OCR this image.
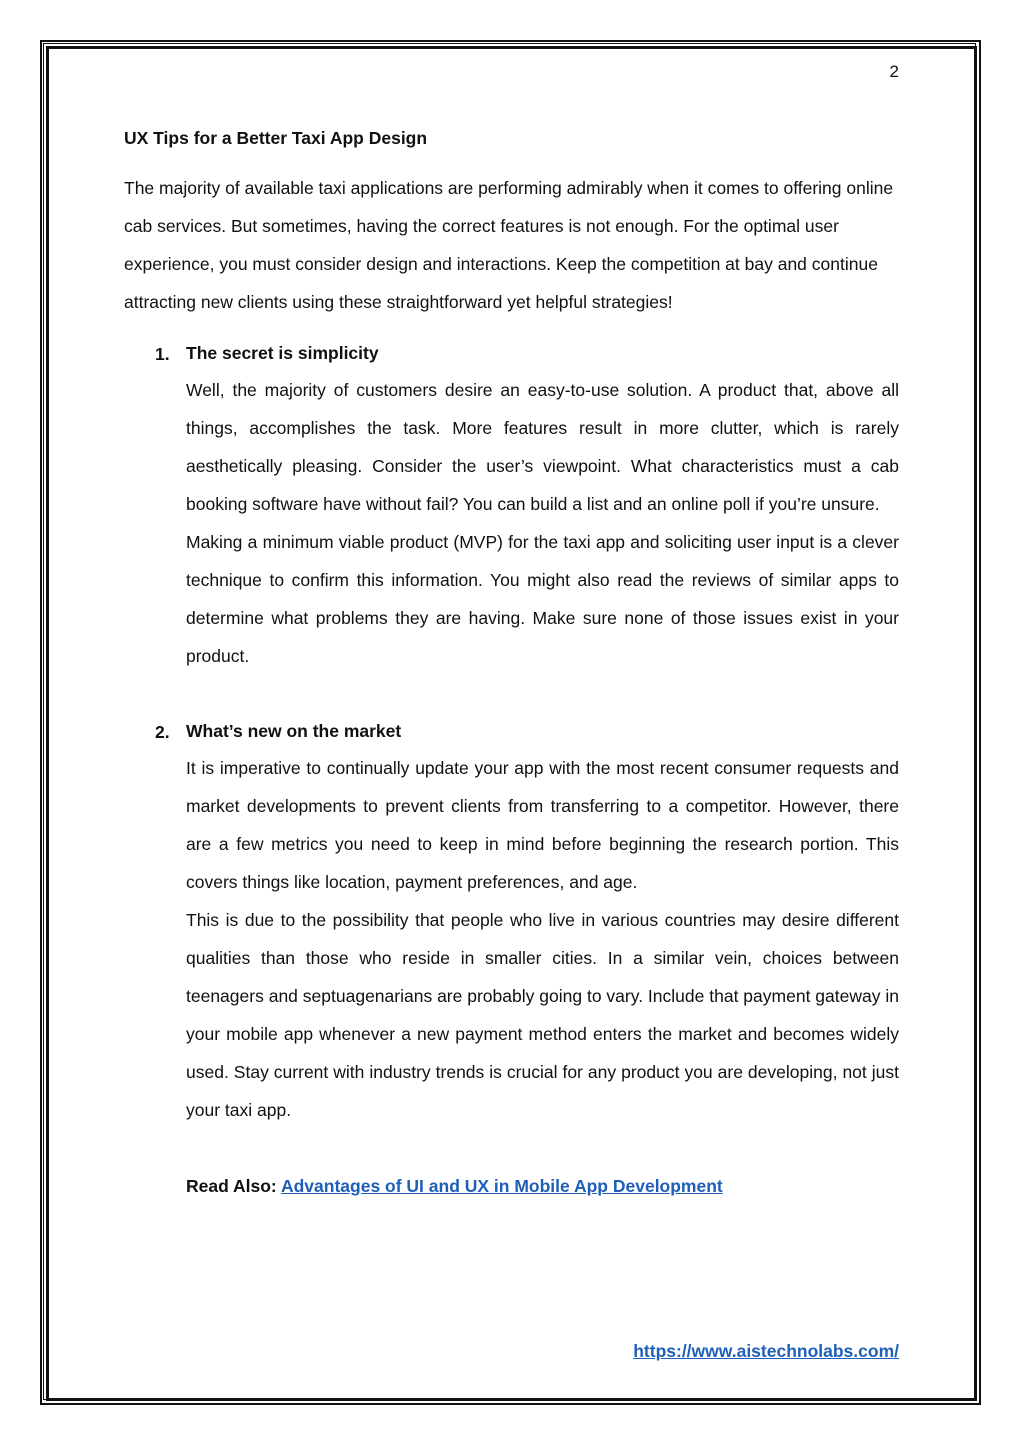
2
UX Tips for a Better Taxi App Design

The majority of available taxi applications are performing admirably when it comes to offering online cab services. But sometimes, having the correct features is not enough. For the optimal user experience, you must consider design and interactions. Keep the competition at bay and continue attracting new clients using these straightforward yet helpful strategies!

1. The secret is simplicity

Well, the majority of customers desire an easy-to-use solution. A product that, above all things, accomplishes the task. More features result in more clutter, which is rarely aesthetically pleasing. Consider the user’s viewpoint. What characteristics must a cab booking software have without fail? You can build a list and an online poll if you’re unsure.

Making a minimum viable product (MVP) for the taxi app and soliciting user input is a clever technique to confirm this information. You might also read the reviews of similar apps to determine what problems they are having. Make sure none of those issues exist in your product.

2. What’s new on the market

It is imperative to continually update your app with the most recent consumer requests and market developments to prevent clients from transferring to a competitor. However, there are a few metrics you need to keep in mind before beginning the research portion. This covers things like location, payment preferences, and age.

This is due to the possibility that people who live in various countries may desire different qualities than those who reside in smaller cities. In a similar vein, choices between teenagers and septuagenarians are probably going to vary. Include that payment gateway in your mobile app whenever a new payment method enters the market and becomes widely used. Stay current with industry trends is crucial for any product you are developing, not just your taxi app.

Read Also: Advantages of UI and UX in Mobile App Development
https://www.aistechnolabs.com/
